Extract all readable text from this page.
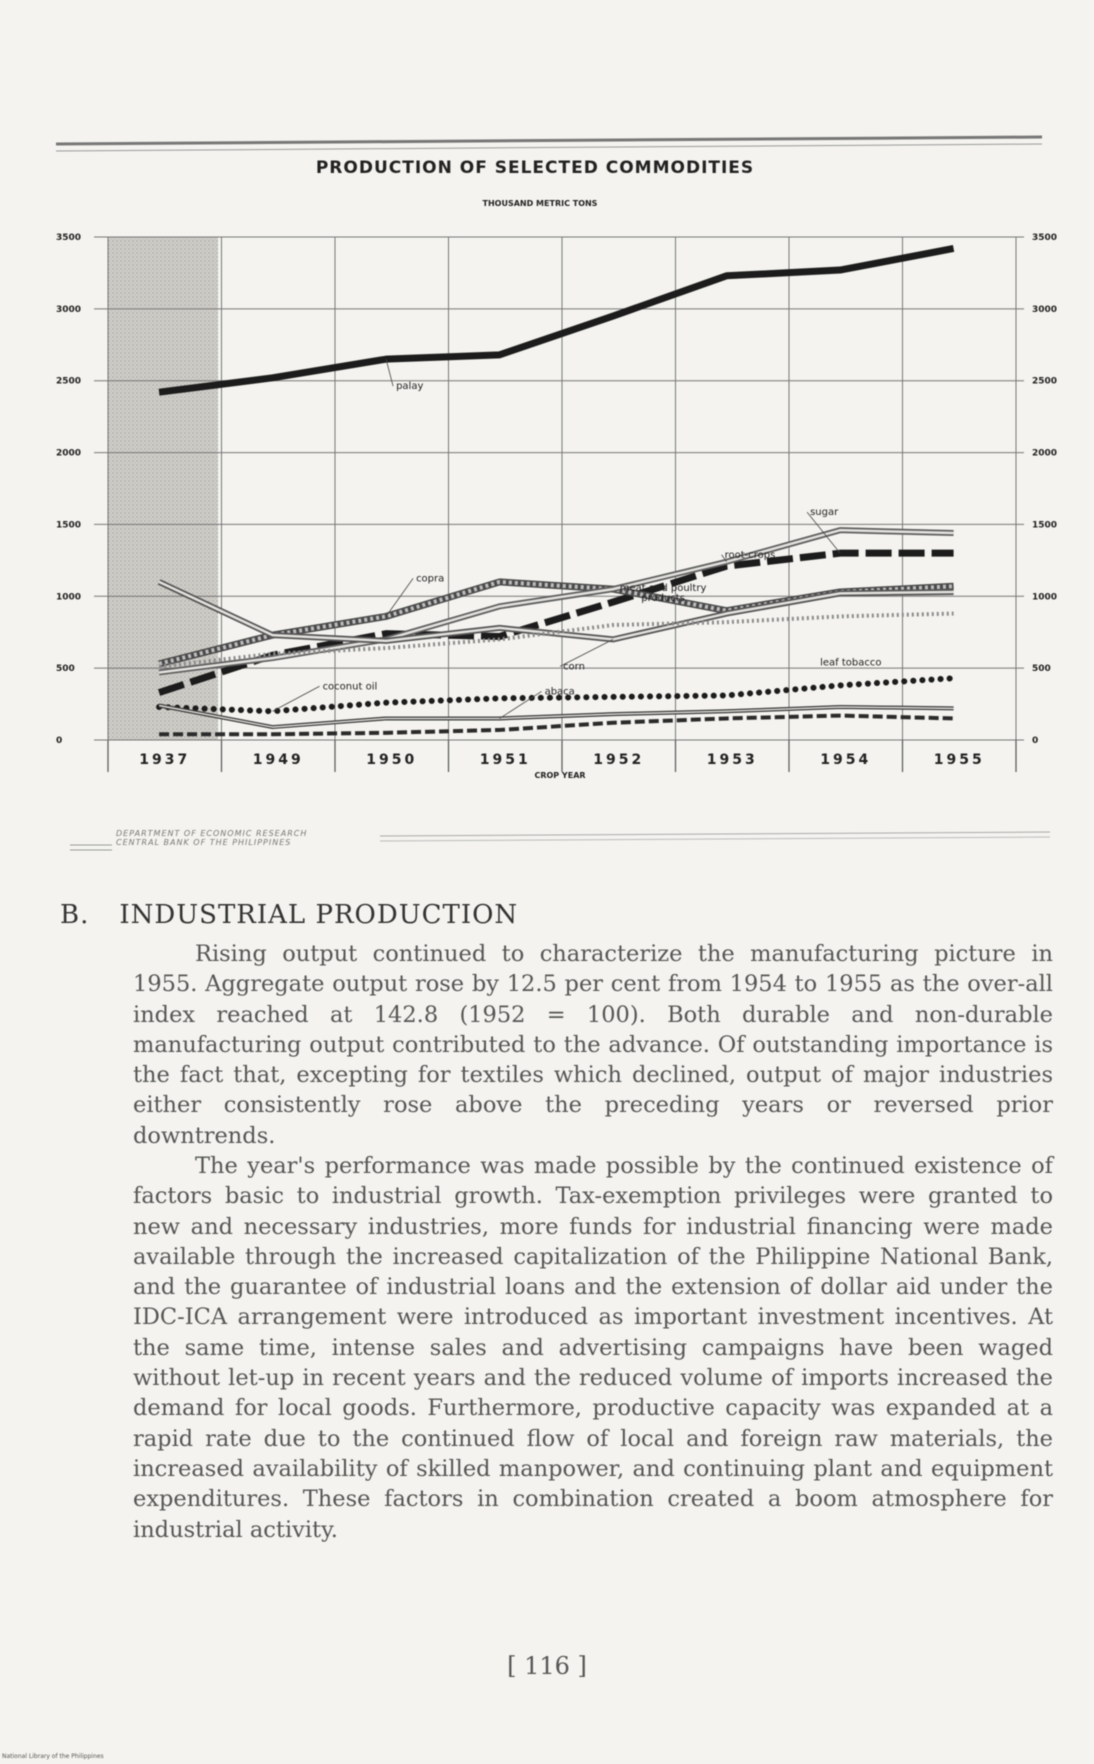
PRODUCTION OF SELECTED COMMODITIES
THOUSAND METRIC TONS
palay
sugar
copra
root-crops
corn
meat and poultry
products
coconut oil	abaca
leaf tobacco
0	0
500	500
1000	1000
1500	1500
2000	2000
2500	2500
3000	3000
3500	3500
1937	1949	1950	1951	1952	1953	1954	1955
CROP YEAR
DEPARTMENT OF ECONOMIC RESEARCH
CENTRAL BANK OF THE PHILIPPINES
B. INDUSTRIAL PRODUCTION

Rising output continued to characterize the manufacturing picture in 1955. Aggregate output rose by 12.5 per cent from 1954 to 1955 as the over-all index reached at 142.8 (1952 = 100). Both durable and non-durable manufacturing output contributed to the advance. Of outstanding importance is the fact that, excepting for textiles which declined, output of major industries either consistently rose above the preceding years or reversed prior downtrends.

The year's performance was made possible by the continued existence of factors basic to industrial growth. Tax-exemption privileges were granted to new and necessary industries, more funds for industrial financing were made available through the increased capitalization of the Philippine National Bank, and the guarantee of industrial loans and the extension of dollar aid under the IDC-ICA arrangement were introduced as important investment incentives. At the same time, intense sales and advertising campaigns have been waged without let-up in recent years and the reduced volume of imports increased the demand for local goods. Furthermore, productive capacity was expanded at a rapid rate due to the continued flow of local and foreign raw materials, the increased availability of skilled manpower, and continuing plant and equipment expenditures. These factors in combination created a boom atmosphere for industrial activity.

[ 116 ]
National Library of the Philippines
